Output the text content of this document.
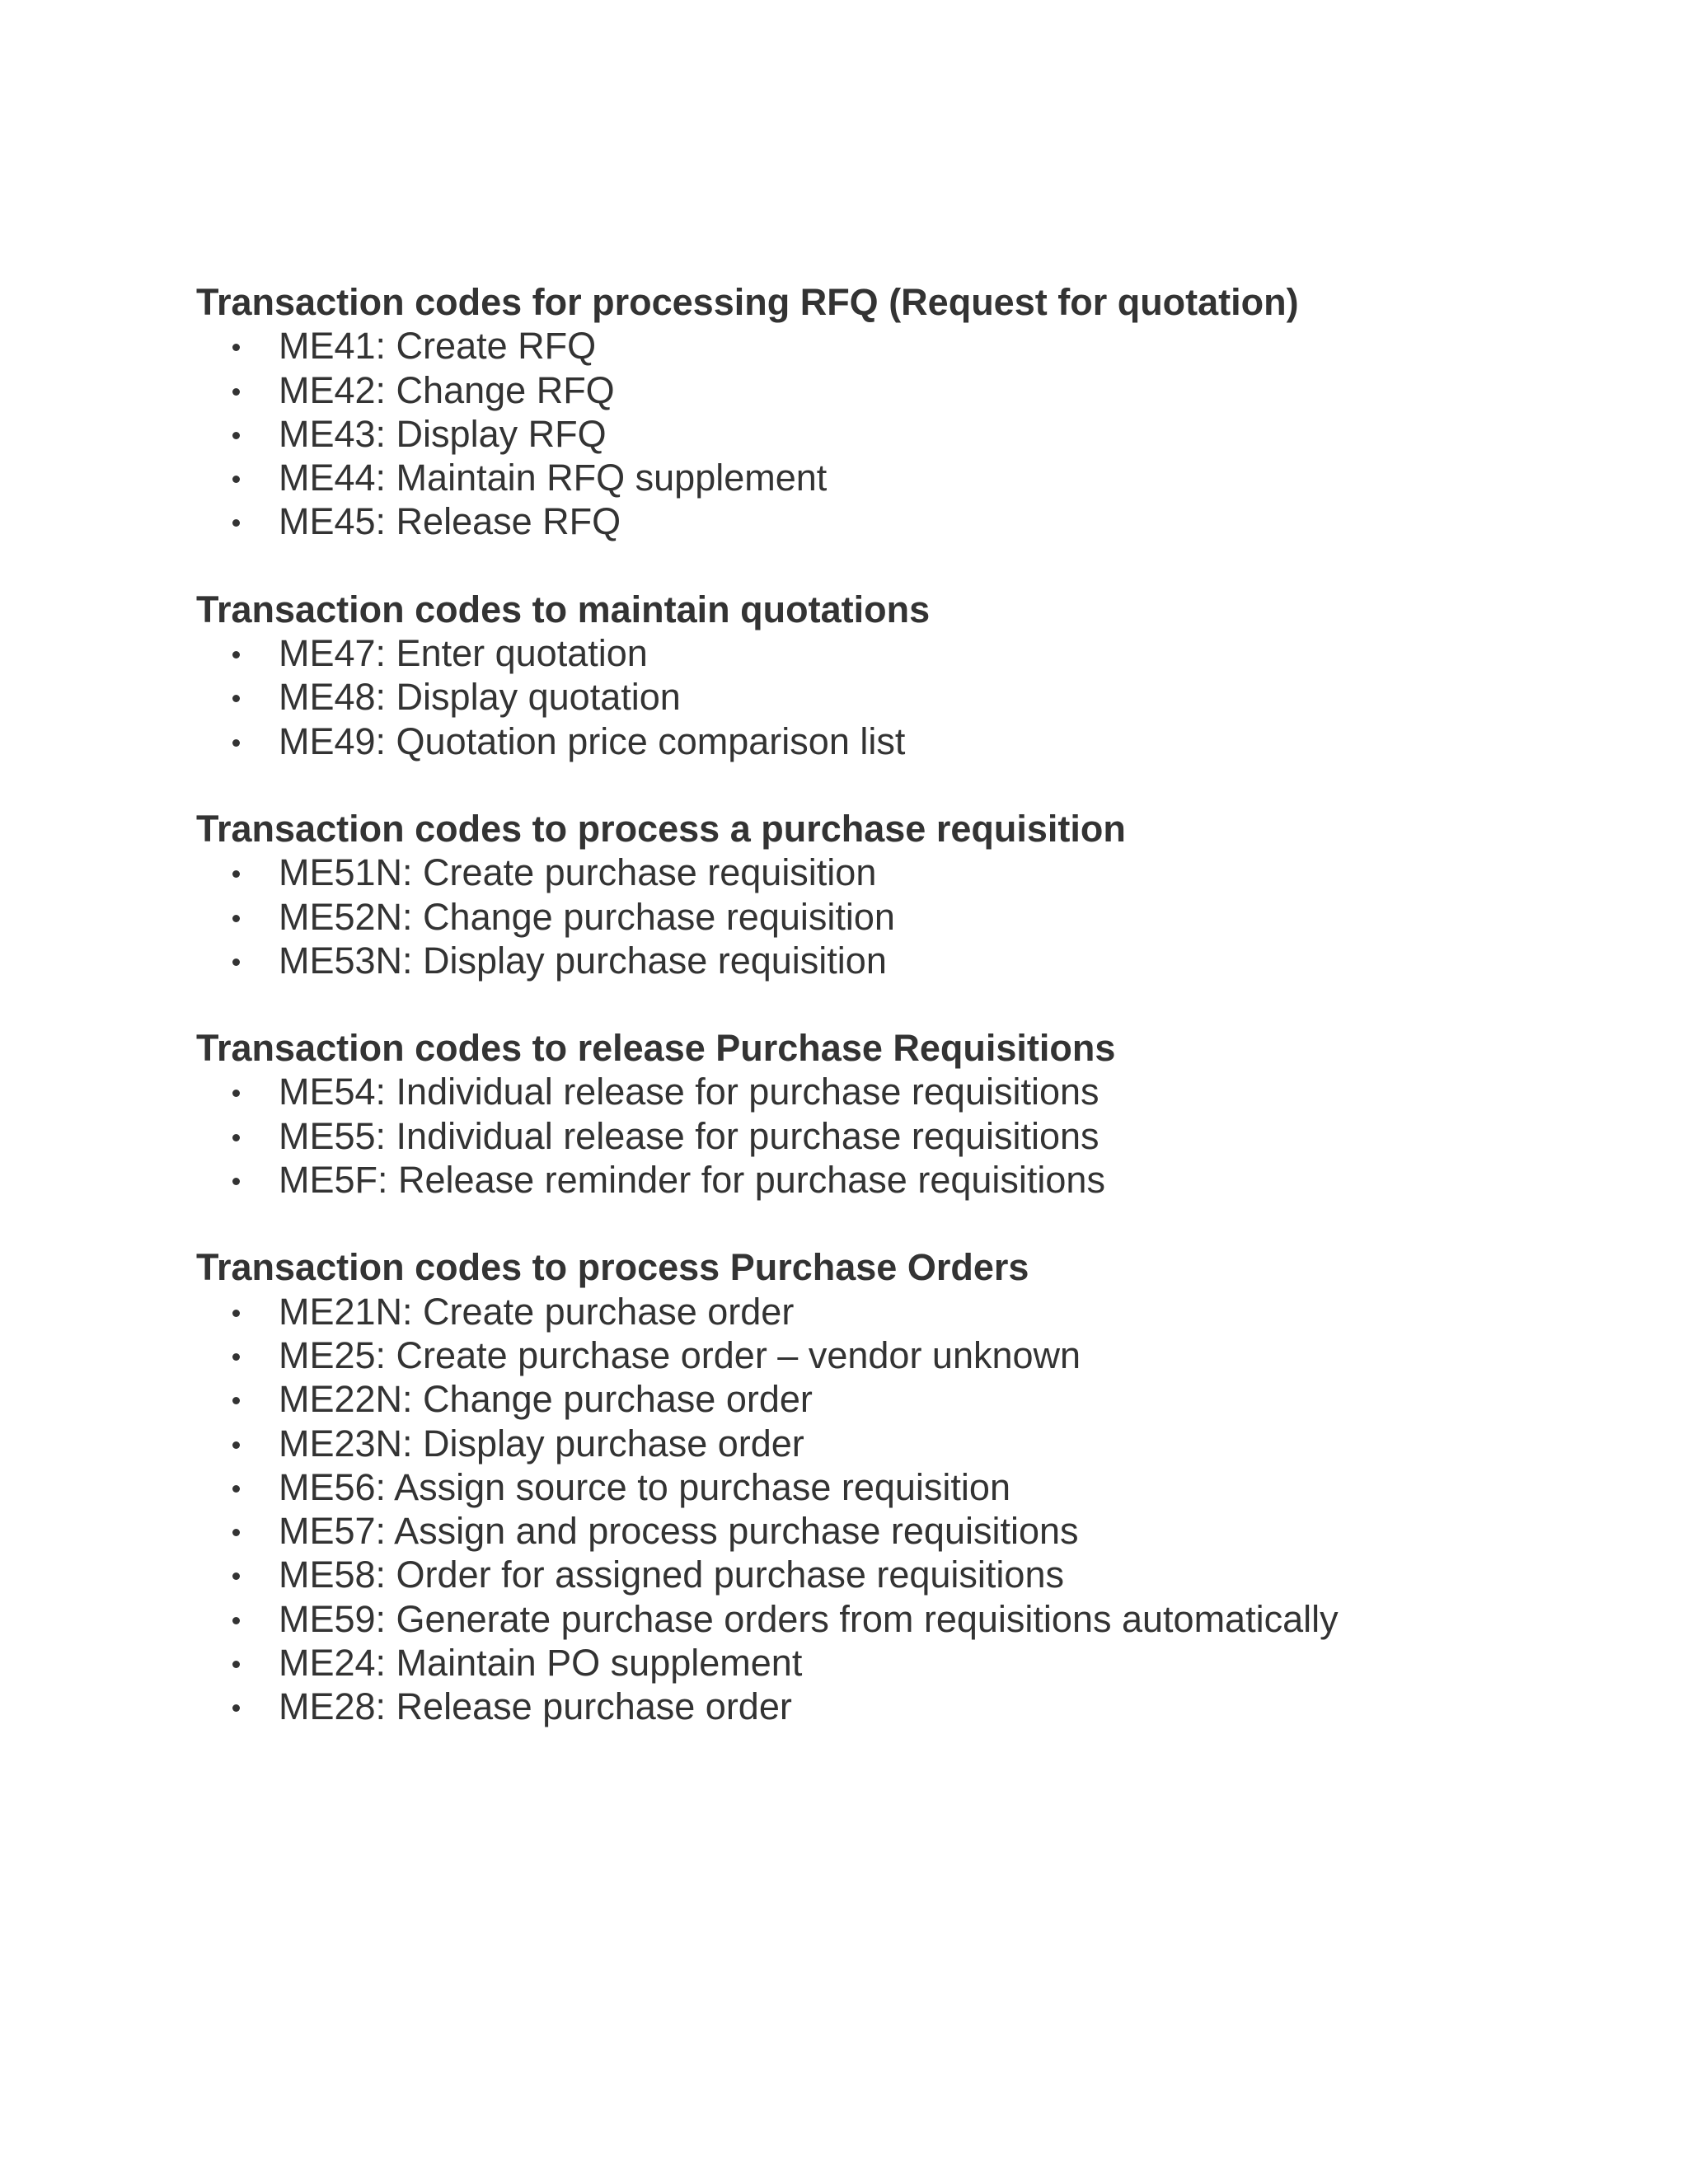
Transaction codes for processing RFQ (Request for quotation)
ME41: Create RFQ
ME42: Change RFQ
ME43: Display RFQ
ME44: Maintain RFQ supplement
ME45: Release RFQ
Transaction codes to maintain quotations
ME47: Enter quotation
ME48: Display quotation
ME49: Quotation price comparison list
Transaction codes to process a purchase requisition
ME51N: Create purchase requisition
ME52N: Change purchase requisition
ME53N: Display purchase requisition
Transaction codes to release Purchase Requisitions
ME54: Individual release for purchase requisitions
ME55: Individual release for purchase requisitions
ME5F: Release reminder for purchase requisitions
Transaction codes to process Purchase Orders
ME21N: Create purchase order
ME25: Create purchase order – vendor unknown
ME22N: Change purchase order
ME23N: Display purchase order
ME56: Assign source to purchase requisition
ME57: Assign and process purchase requisitions
ME58: Order for assigned purchase requisitions
ME59: Generate purchase orders from requisitions automatically
ME24: Maintain PO supplement
ME28: Release purchase order
